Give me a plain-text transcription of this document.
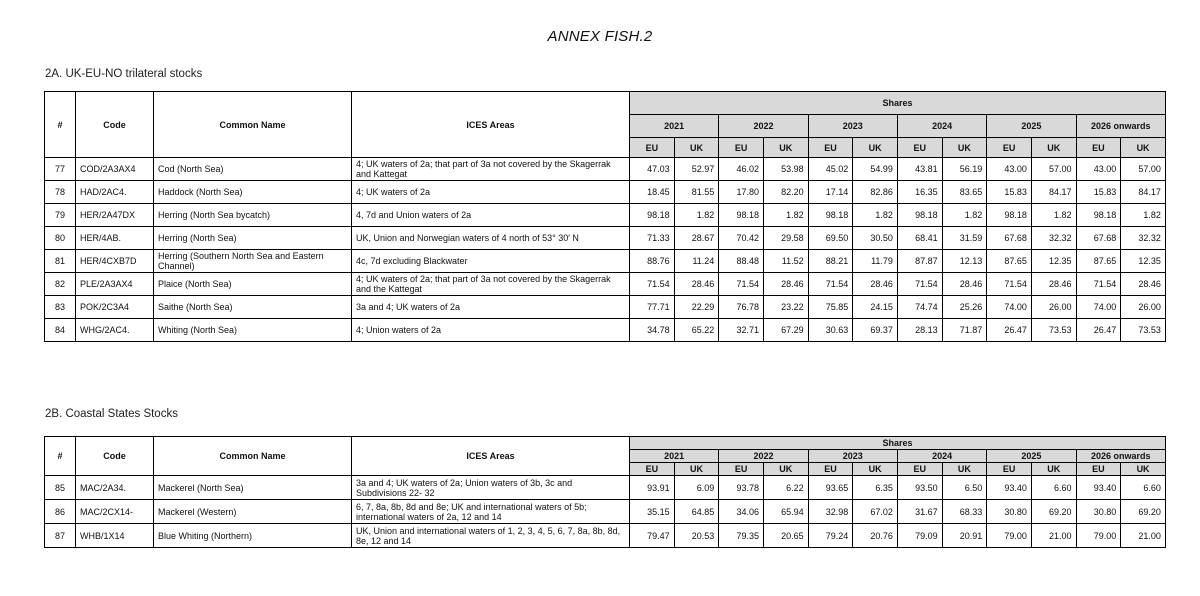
ANNEX FISH.2
2A. UK-EU-NO trilateral stocks
#	Code	Common Name	ICES Areas	Shares											
				2021		2022		2023		2024		2025		2026 onwards	
				EU	UK	EU	UK	EU	UK	EU	UK	EU	UK	EU	UK
77	COD/2A3AX4	Cod (North Sea)	4; UK waters of 2a; that part of 3a not covered by the Skagerrak and Kattegat	47.03	52.97	46.02	53.98	45.02	54.99	43.81	56.19	43.00	57.00	43.00	57.00
78	HAD/2AC4.	Haddock (North Sea)	4; UK waters of 2a	18.45	81.55	17.80	82.20	17.14	82.86	16.35	83.65	15.83	84.17	15.83	84.17
79	HER/2A47DX	Herring (North Sea bycatch)	4, 7d and Union waters of 2a	98.18	1.82	98.18	1.82	98.18	1.82	98.18	1.82	98.18	1.82	98.18	1.82
80	HER/4AB.	Herring (North Sea)	UK, Union and Norwegian waters of 4 north of 53° 30′ N	71.33	28.67	70.42	29.58	69.50	30.50	68.41	31.59	67.68	32.32	67.68	32.32
81	HER/4CXB7D	Herring (Southern North Sea and Eastern Channel)	4c, 7d excluding Blackwater	88.76	11.24	88.48	11.52	88.21	11.79	87.87	12.13	87.65	12.35	87.65	12.35
82	PLE/2A3AX4	Plaice (North Sea)	4; UK waters of 2a; that part of 3a not covered by the Skagerrak and the Kattegat	71.54	28.46	71.54	28.46	71.54	28.46	71.54	28.46	71.54	28.46	71.54	28.46
83	POK/2C3A4	Saithe (North Sea)	3a and 4; UK waters of 2a	77.71	22.29	76.78	23.22	75.85	24.15	74.74	25.26	74.00	26.00	74.00	26.00
84	WHG/2AC4.	Whiting (North Sea)	4; Union waters of 2a	34.78	65.22	32.71	67.29	30.63	69.37	28.13	71.87	26.47	73.53	26.47	73.53
2B. Coastal States Stocks
#	Code	Common Name	ICES Areas	Shares											
				2021		2022		2023		2024		2025		2026 onwards	
				EU	UK	EU	UK	EU	UK	EU	UK	EU	UK	EU	UK
85	MAC/2A34.	Mackerel (North Sea)	3a and 4; UK waters of 2a; Union waters of 3b, 3c and Subdivisions 22- 32	93.91	6.09	93.78	6.22	93.65	6.35	93.50	6.50	93.40	6.60	93.40	6.60
86	MAC/2CX14-	Mackerel (Western)	6, 7, 8a, 8b, 8d and 8e; UK and international waters of 5b; international waters of 2a, 12 and 14	35.15	64.85	34.06	65.94	32.98	67.02	31.67	68.33	30.80	69.20	30.80	69.20
87	WHB/1X14	Blue Whiting (Northern)	UK, Union and international waters of 1, 2, 3, 4, 5, 6, 7, 8a, 8b, 8d, 8e, 12 and 14	79.47	20.53	79.35	20.65	79.24	20.76	79.09	20.91	79.00	21.00	79.00	21.00
